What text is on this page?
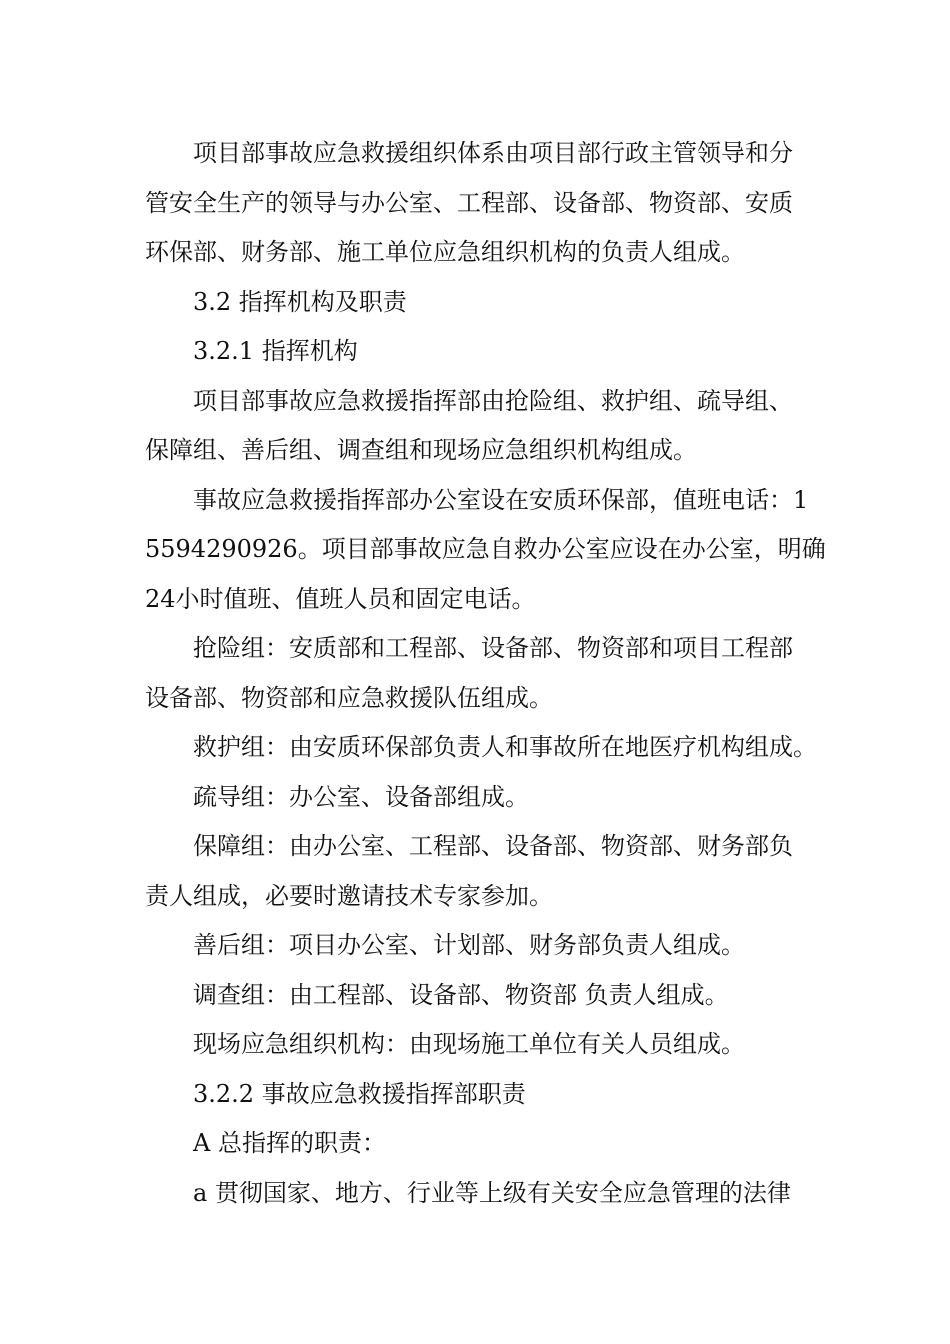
项目部事故应急救援组织体系由项目部行政主管领导和分
管安全生产的领导与办公室、工程部、设备部、物资部、安质
环保部、财务部、施工单位应急组织机构的负责人组成。
3.2 指挥机构及职责
3.2.1 指挥机构
项目部事故应急救援指挥部由抢险组、救护组、疏导组、
保障组、善后组、调查组和现场应急组织机构组成。
事故应急救援指挥部办公室设在安质环保部，值班电话：1
5594290926。项目部事故应急自救办公室应设在办公室，明确
24小时值班、值班人员和固定电话。
抢险组：安质部和工程部、设备部、物资部和项目工程部
设备部、物资部和应急救援队伍组成。
救护组：由安质环保部负责人和事故所在地医疗机构组成。
疏导组：办公室、设备部组成。
保障组：由办公室、工程部、设备部、物资部、财务部负
责人组成，必要时邀请技术专家参加。
善后组：项目办公室、计划部、财务部负责人组成。
调查组：由工程部、设备部、物资部 负责人组成。
现场应急组织机构：由现场施工单位有关人员组成。
3.2.2 事故应急救援指挥部职责
A 总指挥的职责：
a 贯彻国家、地方、行业等上级有关安全应急管理的法律
